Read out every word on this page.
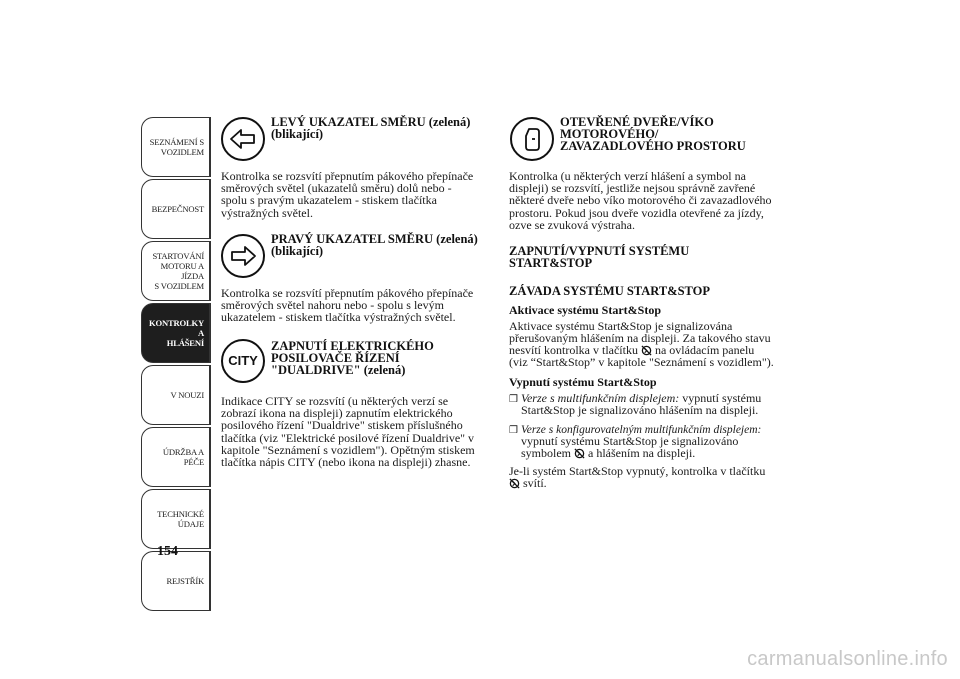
SEZNÁMENÍ S
VOZIDLEM
BEZPEČNOST
STARTOVÁNÍ
MOTORU A JÍZDA
S VOZIDLEM
KONTROLKY A
HLÁŠENÍ
V NOUZI
ÚDRŽBA A PÉČE
TECHNICKÉ
ÚDAJE
REJSTŘÍK
154
LEVÝ UKAZATEL SMĚRU (zelená)
(blikající)
Kontrolka se rozsvítí přepnutím pákového přepínače
směrových světel (ukazatelů směru) dolů nebo -
spolu s pravým ukazatelem - stiskem tlačítka
výstražných světel.
PRAVÝ UKAZATEL SMĚRU (zelená)
(blikající)
Kontrolka se rozsvítí přepnutím pákového přepínače
směrových světel nahoru nebo - spolu s levým
ukazatelem - stiskem tlačítka výstražných světel.
CITY
ZAPNUTÍ ELEKTRICKÉHO
POSILOVAČE ŘÍZENÍ
"DUALDRIVE" (zelená)
Indikace CITY se rozsvítí (u některých verzí se
zobrazí ikona na displeji) zapnutím elektrického
posilového řízení "Dualdrive" stiskem příslušného
tlačítka (viz "Elektrické posilové řízení Dualdrive" v
kapitole "Seznámení s vozidlem"). Opětným stiskem
tlačítka nápis CITY (nebo ikona na displeji) zhasne.
OTEVŘENÉ DVEŘE/VÍKO
MOTOROVÉHO/
ZAVAZADLOVÉHO PROSTORU
Kontrolka (u některých verzí hlášení a symbol na
displeji) se rozsvítí, jestliže nejsou správně zavřené
některé dveře nebo víko motorového či zavazadlového
prostoru. Pokud jsou dveře vozidla otevřené za jízdy,
ozve se zvuková výstraha.
ZAPNUTÍ/VYPNUTÍ SYSTÉMU
START&STOP
ZÁVADA SYSTÉMU START&STOP
Aktivace systému Start&Stop
Aktivace systému Start&Stop je signalizována
přerušovaným hlášením na displeji. Za takového stavu
nesvítí kontrolka v tlačítku na ovládacím panelu
(viz “Start&Stop” v kapitole "Seznámení s vozidlem").
Vypnutí systému Start&Stop
❒ Verze s multifunkčním displejem: vypnutí systému
Start&Stop je signalizováno hlášením na displeji.
❒ Verze s konfigurovatelným multifunkčním displejem:
vypnutí systému Start&Stop je signalizováno
symbolem a hlášením na displeji.
Je-li systém Start&Stop vypnutý, kontrolka v tlačítku
svítí.
carmanualsonline.info
